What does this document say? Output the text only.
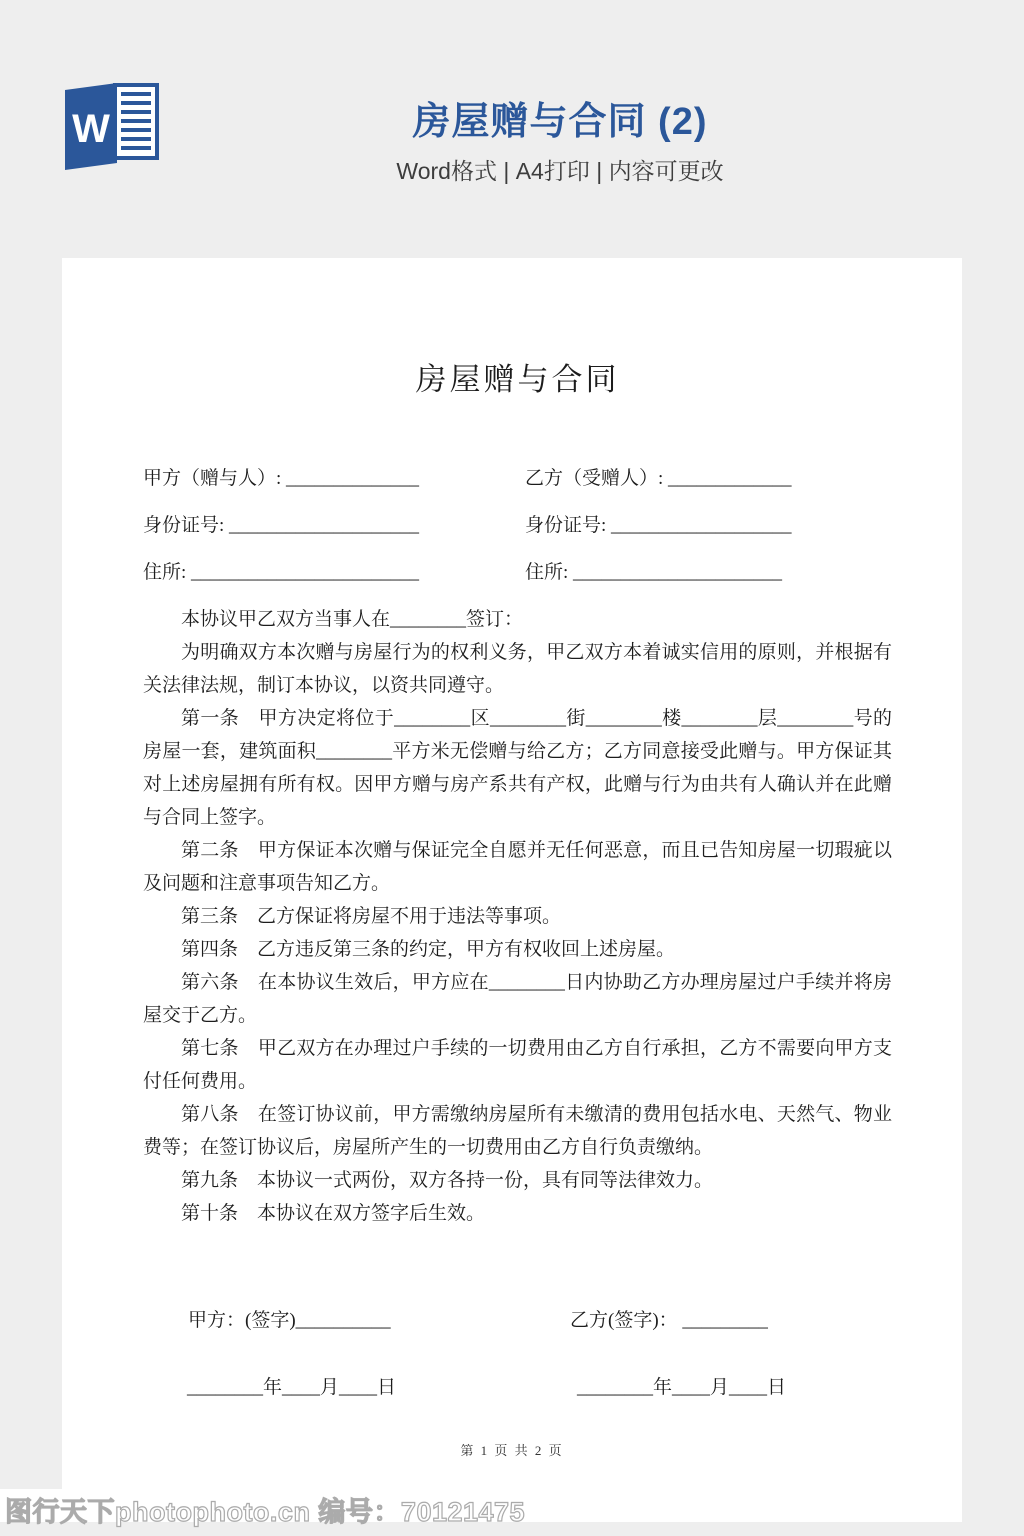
W	房屋赠与合同 (2)
Word格式 | A4打印 | 内容可更改
房屋赠与合同
甲方（赠与人）: ______________	乙方（受赠人）: _____________
身份证号: ____________________	身份证号: ___________________
住所: ________________________	住所: ______________________

本协议甲乙双方当事人在________签订：

为明确双方本次赠与房屋行为的权利义务，甲乙双方本着诚实信用的原则，并根据有关法律法规，制订本协议，以资共同遵守。

第一条　甲方决定将位于________区________街________楼________层________号的房屋一套，建筑面积________平方米无偿赠与给乙方；乙方同意接受此赠与。甲方保证其对上述房屋拥有所有权。因甲方赠与房产系共有产权，此赠与行为由共有人确认并在此赠与合同上签字。

第二条　甲方保证本次赠与保证完全自愿并无任何恶意，而且已告知房屋一切瑕疵以及问题和注意事项告知乙方。

第三条　乙方保证将房屋不用于违法等事项。

第四条　乙方违反第三条的约定，甲方有权收回上述房屋。

第六条　在本协议生效后，甲方应在________日内协助乙方办理房屋过户手续并将房屋交于乙方。

第七条　甲乙双方在办理过户手续的一切费用由乙方自行承担，乙方不需要向甲方支付任何费用。

第八条　在签订协议前，甲方需缴纳房屋所有未缴清的费用包括水电、天然气、物业费等；在签订协议后，房屋所产生的一切费用由乙方自行负责缴纳。

第九条　本协议一式两份，双方各持一份，具有同等法律效力。

第十条　本协议在双方签字后生效。

甲方：(签字)__________	乙方(签字)： _________
________年____月____日	________年____月____日
第 1 页 共 2 页
图行天下photophoto.cn 编号：70121475
